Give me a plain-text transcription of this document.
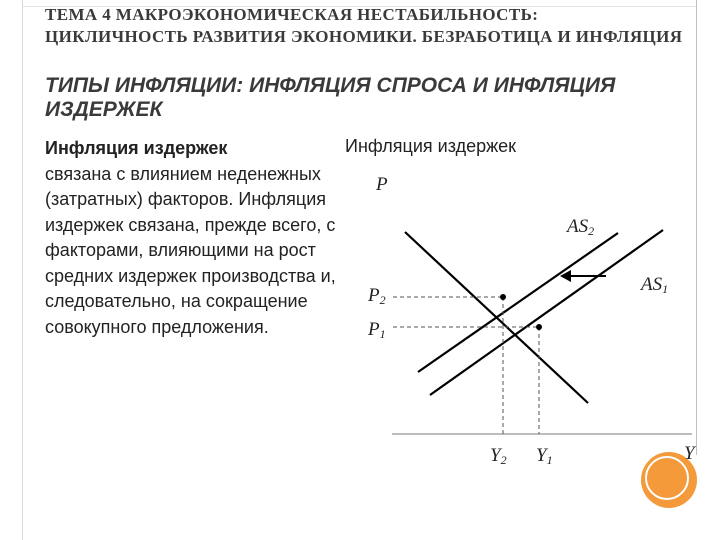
ТЕМА 4 МАКРОЭКОНОМИЧЕСКАЯ НЕСТАБИЛЬНОСТЬ: ЦИКЛИЧНОСТЬ РАЗВИТИЯ ЭКОНОМИКИ. БЕЗРАБОТИЦА И ИНФЛЯЦИЯ
ТИПЫ ИНФЛЯЦИИ: ИНФЛЯЦИЯ СПРОСА И ИНФЛЯЦИЯ ИЗДЕРЖЕК
Инфляция издержек
связана с влиянием неденежных (затратных) факторов. Инфляция издержек связана, прежде всего, с факторами, влияющими на рост средних издержек производства и, следовательно, на сокращение совокупного предложения.
Инфляция издержек
P
Y
AS2
AS1
P2
P1
Y2 Y1
